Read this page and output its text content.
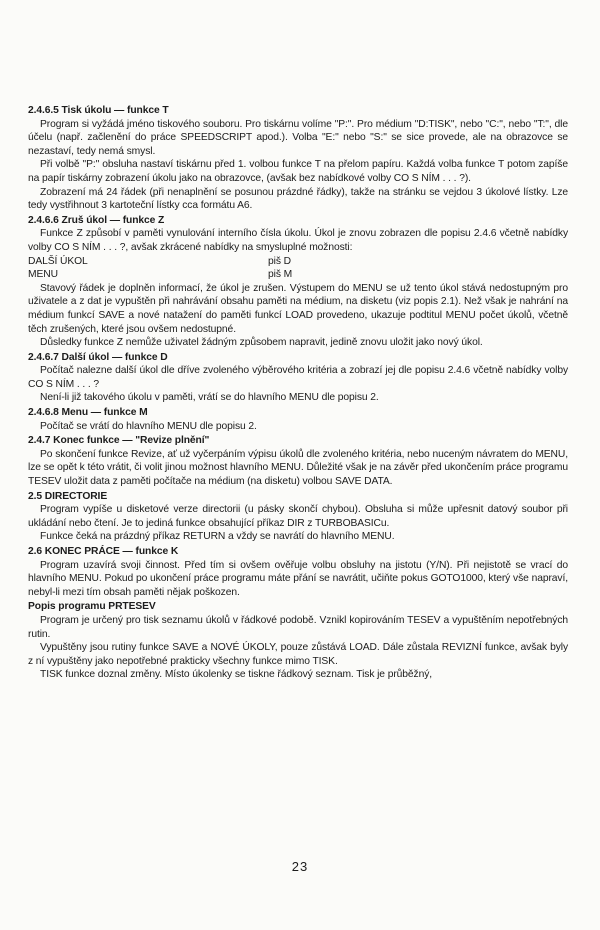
2.4.6.5 Tisk úkolu — funkce T
Program si vyžádá jméno tiskového souboru. Pro tiskárnu volíme "P:". Pro médium "D:TISK", nebo "C:", nebo "T:", dle účelu (např. začlenění do práce SPEEDSCRIPT apod.). Volba "E:" nebo "S:" se sice provede, ale na obrazovce se nezastaví, tedy nemá smysl.
Při volbě "P:" obsluha nastaví tiskárnu před 1. volbou funkce T na přelom papíru. Každá volba funkce T potom zapíše na papír tiskárny zobrazení úkolu jako na obrazovce, (avšak bez nabídkové volby CO S NÍM . . . ?).
Zobrazení má 24 řádek (při nenaplnění se posunou prázdné řádky), takže na stránku se vejdou 3 úkolové lístky. Lze tedy vystřihnout 3 kartoteční lístky cca formátu A6.
2.4.6.6 Zruš úkol — funkce Z
Funkce Z způsobí v paměti vynulování interního čísla úkolu. Úkol je znovu zobrazen dle popisu 2.4.6 včetně nabídky volby CO S NÍM . . . ?, avšak zkrácené nabídky na smysluplné možnosti:
DALŠÍ ÚKOL	piš D
MENU	piš M
Stavový řádek je doplněn informací, že úkol je zrušen. Výstupem do MENU se už tento úkol stává nedostupným pro uživatele a z dat je vypuštěn při nahrávání obsahu paměti na médium, na disketu (viz popis 2.1). Než však je nahrání na médium funkcí SAVE a nové natažení do paměti funkcí LOAD provedeno, ukazuje podtitul MENU počet úkolů, včetně těch zrušených, které jsou ovšem nedostupné.
Důsledky funkce Z nemůže uživatel žádným způsobem napravit, jedině znovu uložit jako nový úkol.
2.4.6.7 Další úkol — funkce D
Počítač nalezne další úkol dle dříve zvoleného výběrového kritéria a zobrazí jej dle popisu 2.4.6 včetně nabídky volby CO S NÍM . . . ?
Není-li již takového úkolu v paměti, vrátí se do hlavního MENU dle popisu 2.
2.4.6.8 Menu — funkce M
Počítač se vrátí do hlavního MENU dle popisu 2.
2.4.7 Konec funkce — "Revize plnění"
Po skončení funkce Revize, ať už vyčerpáním výpisu úkolů dle zvoleného kritéria, nebo nuceným návratem do MENU, lze se opět k této vrátit, či volit jinou možnost hlavního MENU. Důležité však je na závěr před ukončením práce programu TESEV uložit data z paměti počítače na médium (na disketu) volbou SAVE DATA.
2.5 DIRECTORIE
Program vypíše u disketové verze directorii (u pásky skončí chybou). Obsluha si může upřesnit datový soubor při ukládání nebo čtení. Je to jediná funkce obsahující příkaz DIR z TURBOBASICu.
Funkce čeká na prázdný příkaz RETURN a vždy se navrátí do hlavního MENU.
2.6 KONEC PRÁCE — funkce K
Program uzavírá svoji činnost. Před tím si ovšem ověřuje volbu obsluhy na jistotu (Y/N). Při nejistotě se vrací do hlavního MENU. Pokud po ukončení práce programu máte přání se navrátit, učiňte pokus GOTO1000, který vše napraví, nebyl-li mezi tím obsah paměti nějak poškozen.
Popis programu PRTESEV
Program je určený pro tisk seznamu úkolů v řádkové podobě. Vznikl kopirováním TESEV a vypuštěním nepotřebných rutin.
Vypuštěny jsou rutiny funkce SAVE a NOVÉ ÚKOLY, pouze zůstává LOAD. Dále zůstala REVIZNÍ funkce, avšak byly z ní vypuštěny jako nepotřebné prakticky všechny funkce mimo TISK.
TISK funkce doznal změny. Místo úkolenky se tiskne řádkový seznam. Tisk je průběžný,
23
